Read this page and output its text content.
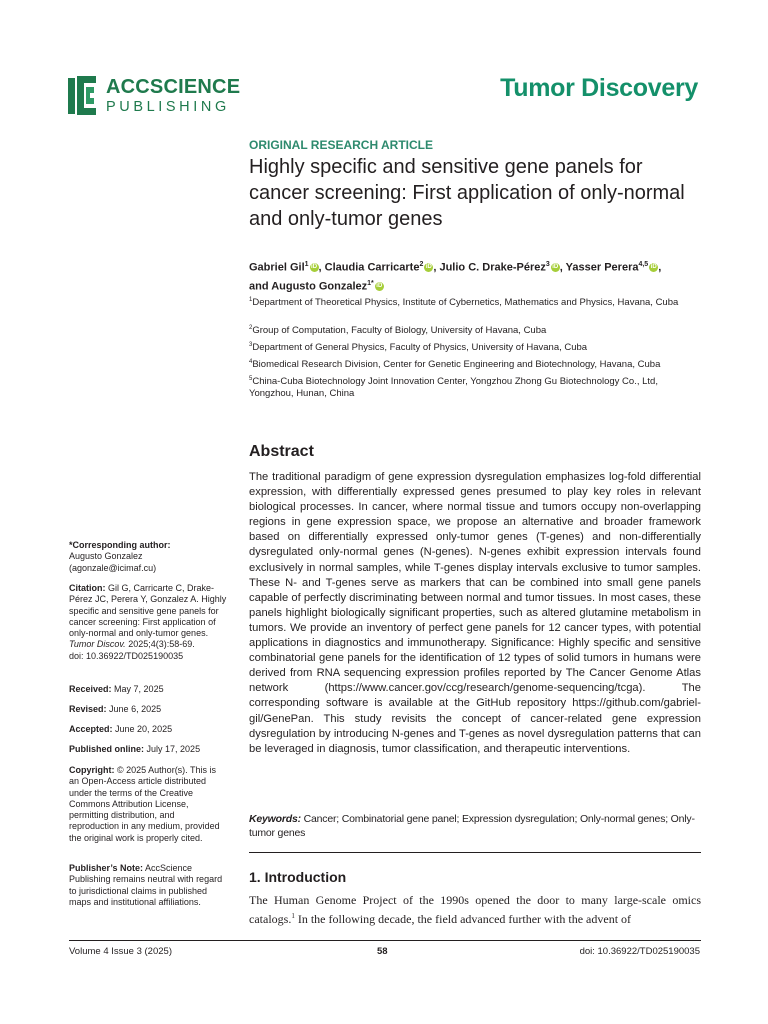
ACCSCIENCE
PUBLISHING
Tumor Discovery
ORIGINAL RESEARCH ARTICLE
Highly specific and sensitive gene panels for cancer screening: First application of only-normal and only-tumor genes
Gabriel Gil$^1$ iD , Claudia Carricarte$^2$ iD , Julio C. Drake-Pérez$^3$ iD , Yasser Perera$^{4,5}$ iD ,
and Augusto Gonzalez$^{1*}$ iD
$^1$Department of Theoretical Physics, Institute of Cybernetics, Mathematics and Physics, Havana, Cuba
$^2$Group of Computation, Faculty of Biology, University of Havana, Cuba
$^3$Department of General Physics, Faculty of Physics, University of Havana, Cuba
$^4$Biomedical Research Division, Center for Genetic Engineering and Biotechnology, Havana, Cuba
$^5$China-Cuba Biotechnology Joint Innovation Center, Yongzhou Zhong Gu Biotechnology Co., Ltd, Yongzhou, Hunan, China
Abstract

The traditional paradigm of gene expression dysregulation emphasizes log-fold differential expression, with differentially expressed genes presumed to play key roles in relevant biological processes. In cancer, where normal tissue and tumors occupy non-overlapping regions in gene expression space, we propose an alternative and broader framework based on differentially expressed only-tumor genes (T-genes) and non-differentially dysregulated only-normal genes (N-genes). N-genes exhibit expression intervals found exclusively in normal samples, while T-genes display intervals exclusive to tumor samples. These N- and T-genes serve as markers that can be combined into small gene panels capable of perfectly discriminating between normal and tumor tissues. In most cases, these panels highlight biologically significant properties, such as altered glutamine metabolism in tumors. We provide an inventory of perfect gene panels for 12 cancer types, with potential applications in diagnostics and immunotherapy. Significance: Highly specific and sensitive combinatorial gene panels for the identification of 12 types of solid tumors in humans were derived from RNA sequencing expression profiles reported by The Cancer Genome Atlas network (https://www.cancer.gov/ccg/research/genome-sequencing/tcga). The corresponding software is available at the GitHub repository https://github.com/gabriel-gil/GenePan. This study revisits the concept of cancer-related gene expression dysregulation by introducing N-genes and T-genes as novel dysregulation patterns that can be leveraged in diagnosis, tumor classification, and therapeutic interventions.

Keywords: Cancer; Combinatorial gene panel; Expression dysregulation; Only-normal genes; Only-tumor genes
1. Introduction

The Human Genome Project of the 1990s opened the door to many large-scale omics catalogs.$^1$ In the following decade, the field advanced further with the advent of

*Corresponding author:
Augusto Gonzalez
(agonzale@icimaf.cu)
Citation: Gil G, Carricarte C, Drake-Pérez JC, Perera Y, Gonzalez A. Highly specific and sensitive gene panels for cancer screening: First application of only-normal and only-tumor genes. Tumor Discov. 2025;4(3):58-69.
doi: 10.36922/TD025190035
Received: May 7, 2025
Revised: June 6, 2025
Accepted: June 20, 2025
Published online: July 17, 2025
Copyright: © 2025 Author(s). This is an Open-Access article distributed under the terms of the Creative Commons Attribution License, permitting distribution, and reproduction in any medium, provided the original work is properly cited.
Publisher’s Note: AccScience Publishing remains neutral with regard to jurisdictional claims in published maps and institutional affiliations.
Volume 4 Issue 3 (2025)	58	doi: 10.36922/TD025190035
